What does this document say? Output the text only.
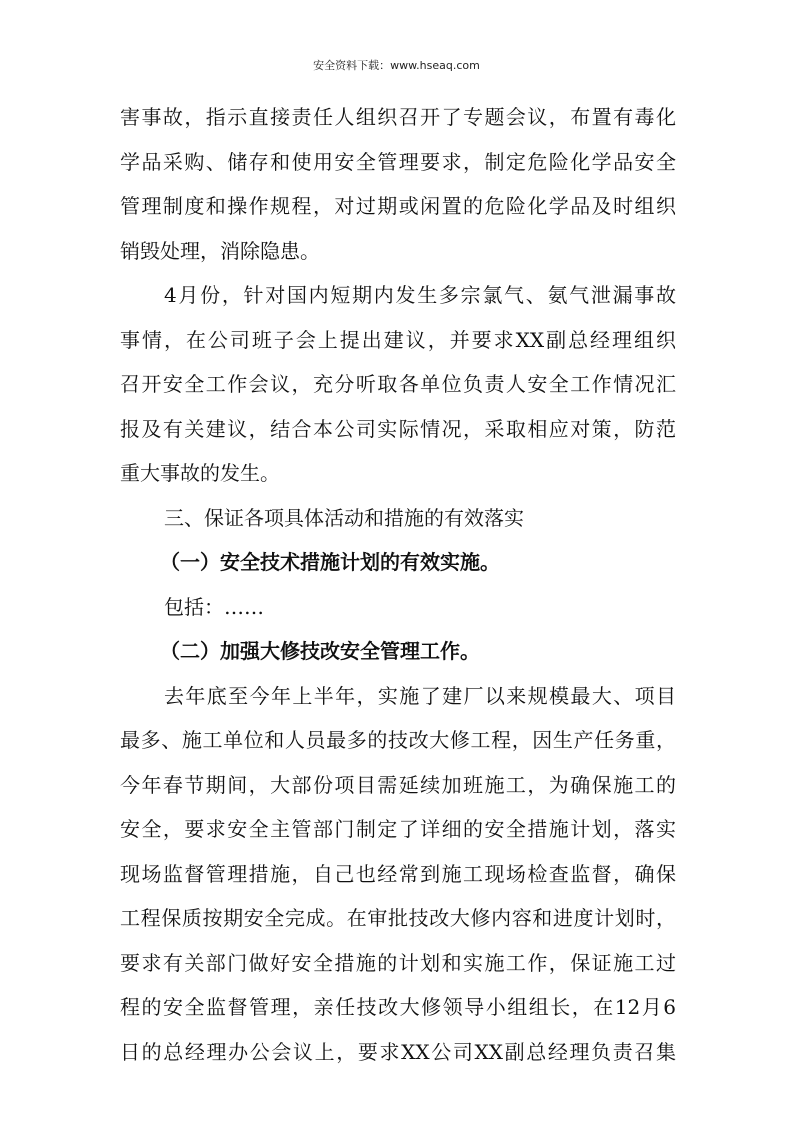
安全资料下载：www.hseaq.com
害事故，指示直接责任人组织召开了专题会议，布置有毒化
学品采购、储存和使用安全管理要求，制定危险化学品安全
管理制度和操作规程，对过期或闲置的危险化学品及时组织
销毁处理，消除隐患。
4月份，针对国内短期内发生多宗氯气、氨气泄漏事故
事情，在公司班子会上提出建议，并要求XX副总经理组织
召开安全工作会议，充分听取各单位负责人安全工作情况汇
报及有关建议，结合本公司实际情况，采取相应对策，防范
重大事故的发生。
三、保证各项具体活动和措施的有效落实
（一）安全技术措施计划的有效实施。
包括：……
（二）加强大修技改安全管理工作。
去年底至今年上半年，实施了建厂以来规模最大、项目
最多、施工单位和人员最多的技改大修工程，因生产任务重，
今年春节期间，大部份项目需延续加班施工，为确保施工的
安全，要求安全主管部门制定了详细的安全措施计划，落实
现场监督管理措施，自己也经常到施工现场检查监督，确保
工程保质按期安全完成。在审批技改大修内容和进度计划时，
要求有关部门做好安全措施的计划和实施工作，保证施工过
程的安全监督管理，亲任技改大修领导小组组长，在12月6
日的总经理办公会议上，要求XX公司XX副总经理负责召集
